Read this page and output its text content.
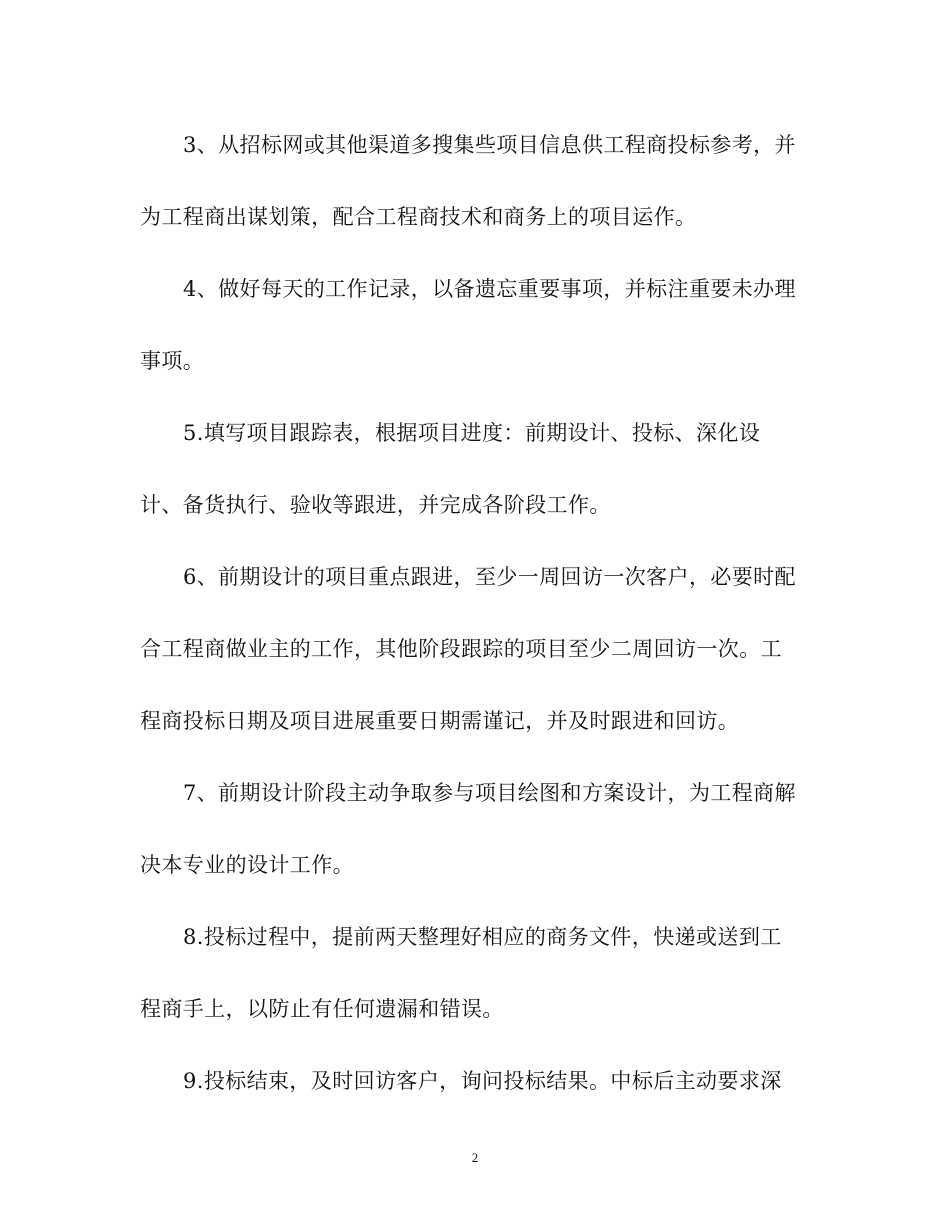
3、从招标网或其他渠道多搜集些项目信息供工程商投标参考，并
为工程商出谋划策，配合工程商技术和商务上的项目运作。
4、做好每天的工作记录，以备遗忘重要事项，并标注重要未办理
事项。
5.填写项目跟踪表，根据项目进度：前期设计、投标、深化设
计、备货执行、验收等跟进，并完成各阶段工作。
6、前期设计的项目重点跟进，至少一周回访一次客户，必要时配
合工程商做业主的工作，其他阶段跟踪的项目至少二周回访一次。工
程商投标日期及项目进展重要日期需谨记，并及时跟进和回访。
7、前期设计阶段主动争取参与项目绘图和方案设计，为工程商解
决本专业的设计工作。
8.投标过程中，提前两天整理好相应的商务文件，快递或送到工
程商手上，以防止有任何遗漏和错误。
9.投标结束，及时回访客户，询问投标结果。中标后主动要求深
2
